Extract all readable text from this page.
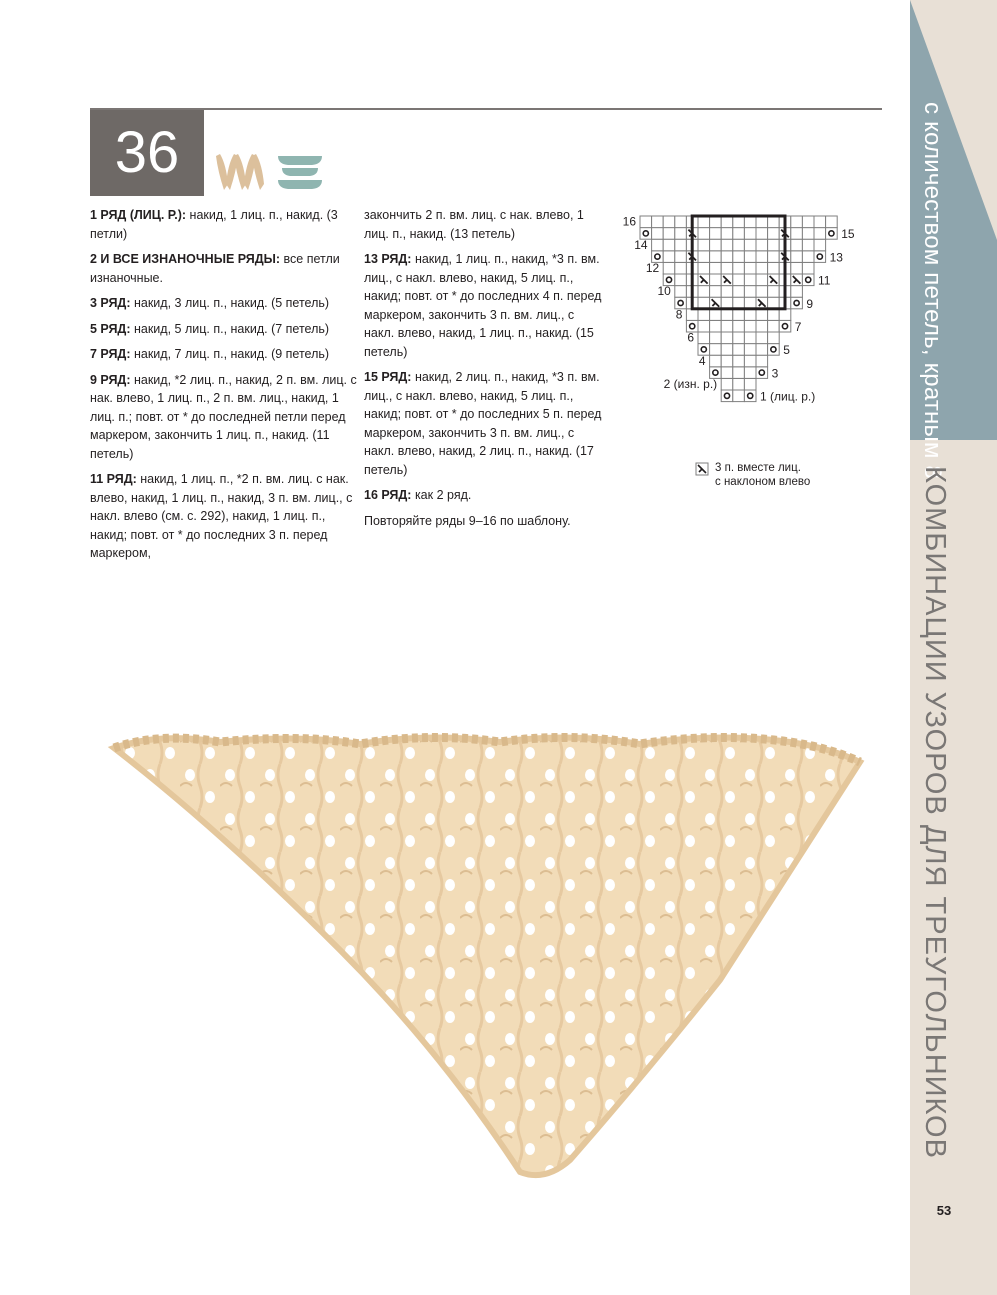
с количеством петель, кратным 8
КОМБИНАЦИИ УЗОРОВ ДЛЯ ТРЕУГОЛЬНИКОВ
36
1 РЯД (ЛИЦ. Р.): накид, 1 лиц. п., накид. (3 петли)
2 И ВСЕ ИЗНАНОЧНЫЕ РЯДЫ: все петли изнаночные.
3 РЯД: накид, 3 лиц. п., накид. (5 петель)
5 РЯД: накид, 5 лиц. п., накид. (7 петель)
7 РЯД: накид, 7 лиц. п., накид. (9 петель)
9 РЯД: накид, *2 лиц. п., накид, 2 п. вм. лиц. с нак. влево, 1 лиц. п., 2 п. вм. лиц., накид, 1 лиц. п.; повт. от * до последней петли перед маркером, закончить 1 лиц. п., накид. (11 петель)
11 РЯД: накид, 1 лиц. п., *2 п. вм. лиц. с нак. влево, накид, 1 лиц. п., накид, 3 п. вм. лиц., с накл. влево (см. с. 292), накид, 1 лиц. п., накид; повт. от * до последних 3 п. перед маркером,
закончить 2 п. вм. лиц. с нак. влево, 1 лиц. п., накид. (13 петель)
13 РЯД: накид, 1 лиц. п., накид, *3 п. вм. лиц., с накл. влево, накид, 5 лиц. п., накид; повт. от * до последних 4 п. перед маркером, закончить 3 п. вм. лиц., с накл. влево, накид, 1 лиц. п., накид. (15 петель)
15 РЯД: накид, 2 лиц. п., накид, *3 п. вм. лиц., с накл. влево, накид, 5 лиц. п., накид; повт. от * до последних 5 п. перед маркером, закончить 3 п. вм. лиц., с накл. влево, накид, 2 лиц. п., накид. (17 петель)
16 РЯД: как 2 ряд.
Повторяйте ряды 9–16 по шаблону.
16
14
12
10
8
6
4
2 (изн. р.)
15
13
11
9
7
5
3
1 (лиц. р.)
3 п. вместе лиц.
с наклоном влево
53
